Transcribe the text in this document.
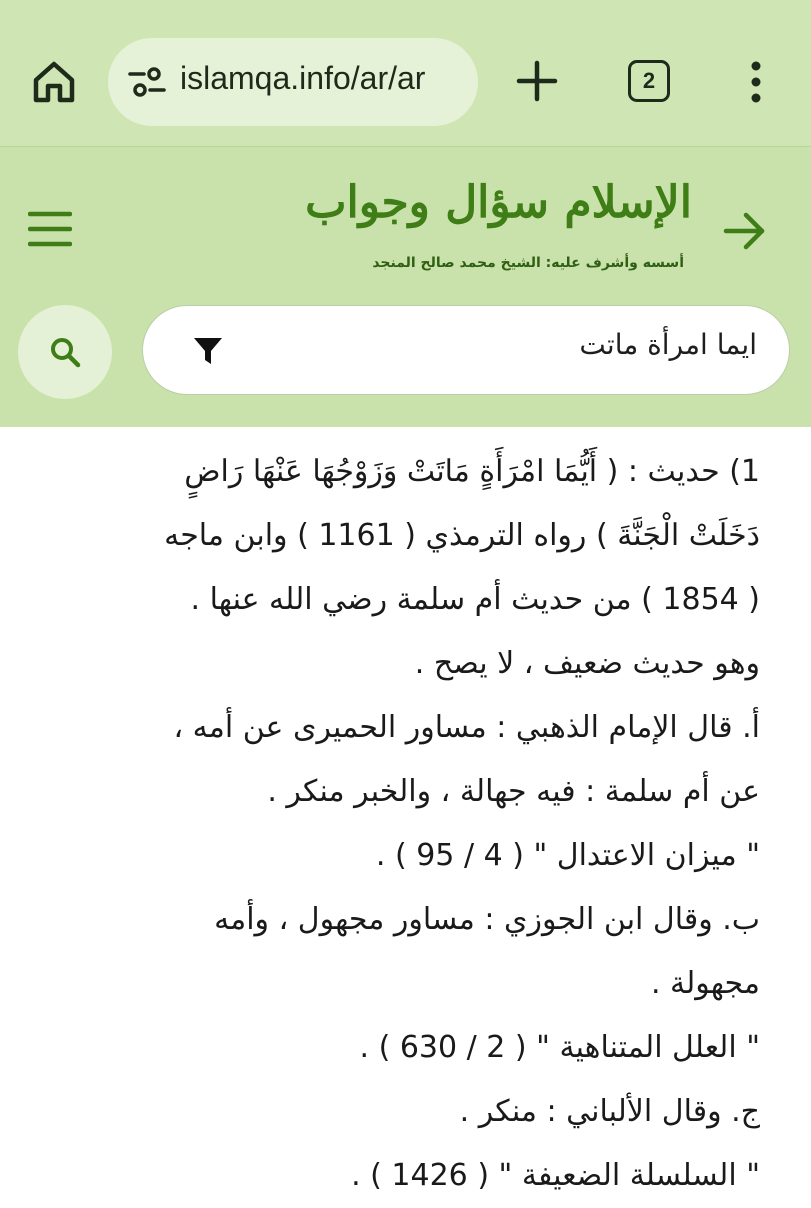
islamqa.info/ar/ar	2
الإسلام سؤال وجواب
أسسه وأشرف عليه: الشيخ محمد صالح المنجد
ايما امرأة ماتت
1) حديث : ( أَيُّمَا امْرَأَةٍ مَاتَتْ وَزَوْجُهَا عَنْهَا رَاضٍ
دَخَلَتْ الْجَنَّةَ ) رواه الترمذي ( 1161 ) وابن ماجه
( 1854 ) من حديث أم سلمة رضي الله عنها .
وهو حديث ضعيف ، لا يصح .
أ. قال الإمام الذهبي : مساور الحميرى عن أمه ،
عن أم سلمة : فيه جهالة ، والخبر منكر .
" ميزان الاعتدال " ( 4 / 95 ) .
ب. وقال ابن الجوزي : مساور مجهول ، وأمه
مجهولة .
" العلل المتناهية " ( 2 / 630 ) .
ج. وقال الألباني : منكر .
" السلسلة الضعيفة " ( 1426 ) .
